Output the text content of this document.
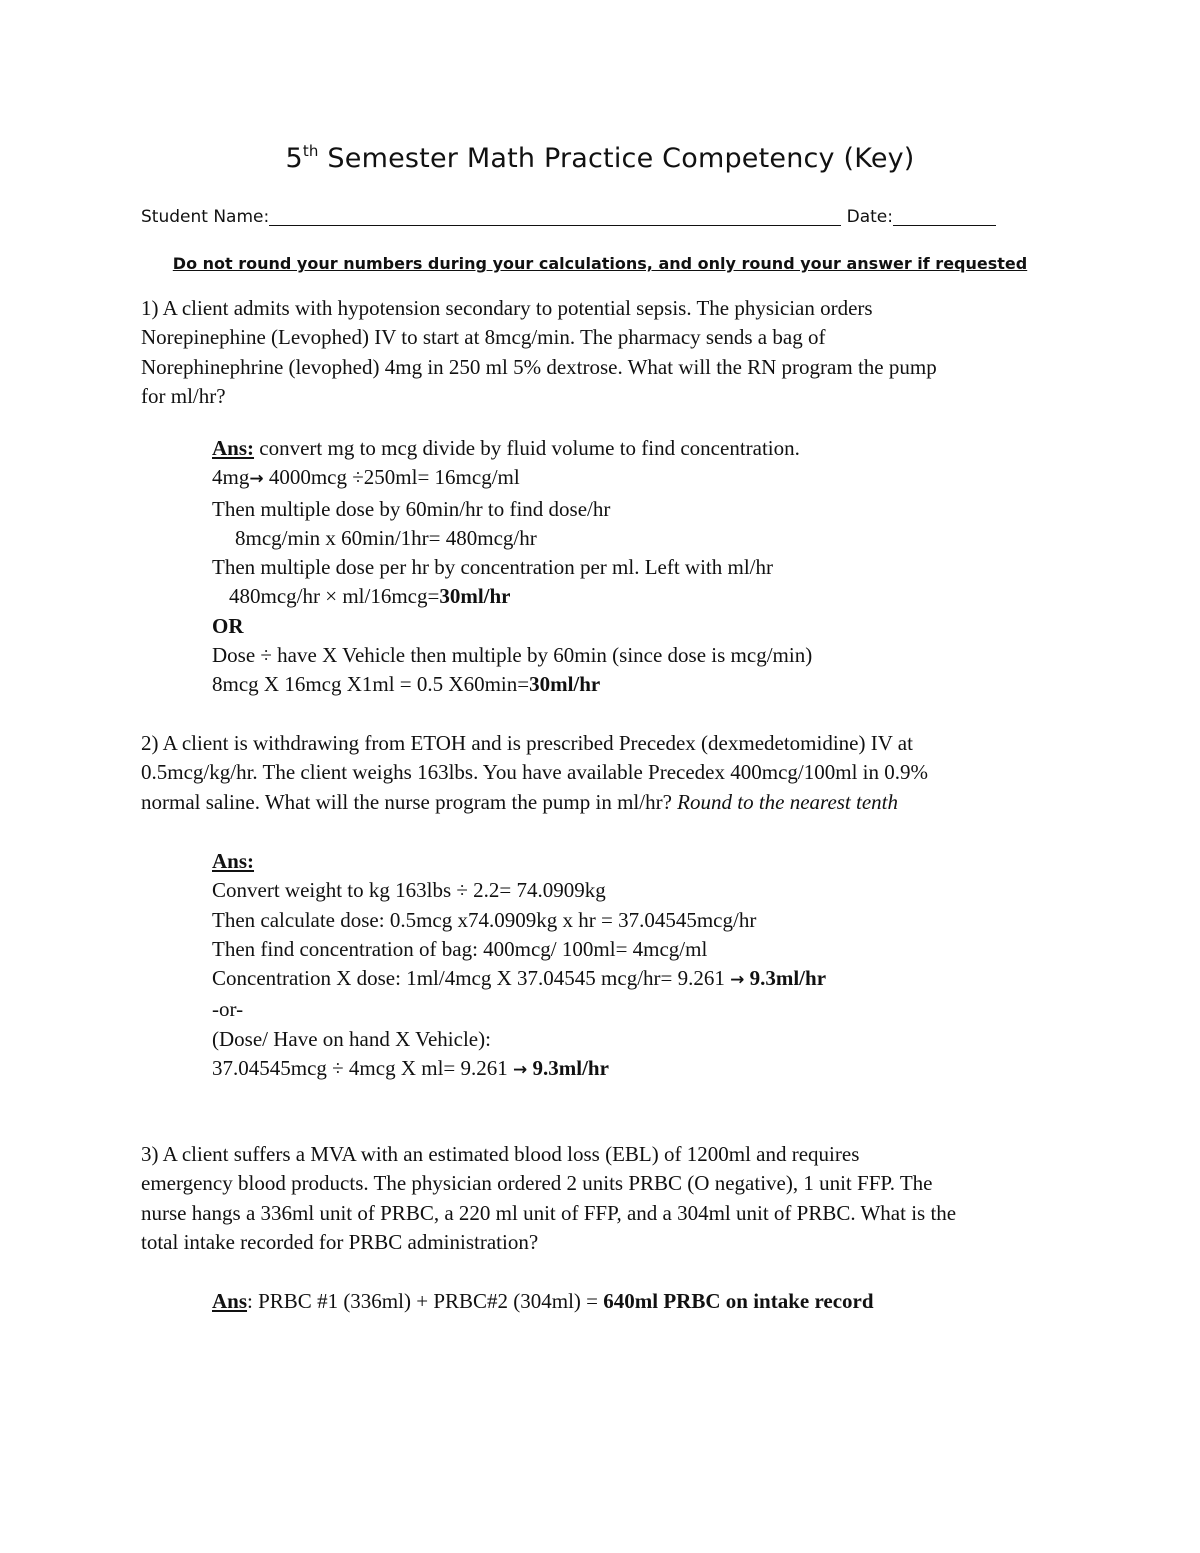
5th Semester Math Practice Competency (Key)
Student Name:	Date:
Do not round your numbers during your calculations, and only round your answer if requested
1) A client admits with hypotension secondary to potential sepsis. The physician orders
Norepinephine (Levophed) IV to start at 8mcg/min. The pharmacy sends a bag of
Norephinephrine (levophed) 4mg in 250 ml 5% dextrose. What will the RN program the pump
for ml/hr?
Ans: convert mg to mcg divide by fluid volume to find concentration.
4mg→ 4000mcg ÷250ml= 16mcg/ml
Then multiple dose by 60min/hr to find dose/hr
8mcg/min x 60min/1hr= 480mcg/hr
Then multiple dose per hr by concentration per ml. Left with ml/hr
480mcg/hr × ml/16mcg=30ml/hr
OR
Dose ÷ have X Vehicle then multiple by 60min (since dose is mcg/min)
8mcg X 16mcg X1ml = 0.5 X60min=30ml/hr
2) A client is withdrawing from ETOH and is prescribed Precedex (dexmedetomidine) IV at
0.5mcg/kg/hr. The client weighs 163lbs. You have available Precedex 400mcg/100ml in 0.9%
normal saline. What will the nurse program the pump in ml/hr? Round to the nearest tenth
Ans:
Convert weight to kg 163lbs ÷ 2.2= 74.0909kg
Then calculate dose: 0.5mcg x74.0909kg x hr = 37.04545mcg/hr
Then find concentration of bag: 400mcg/ 100ml= 4mcg/ml
Concentration X dose: 1ml/4mcg X 37.04545 mcg/hr= 9.261 → 9.3ml/hr
-or-
(Dose/ Have on hand X Vehicle):
37.04545mcg ÷ 4mcg X ml= 9.261 → 9.3ml/hr
3) A client suffers a MVA with an estimated blood loss (EBL) of 1200ml and requires
emergency blood products. The physician ordered 2 units PRBC (O negative), 1 unit FFP. The
nurse hangs a 336ml unit of PRBC, a 220 ml unit of FFP, and a 304ml unit of PRBC. What is the
total intake recorded for PRBC administration?
Ans: PRBC #1 (336ml) + PRBC#2 (304ml) = 640ml PRBC on intake record
